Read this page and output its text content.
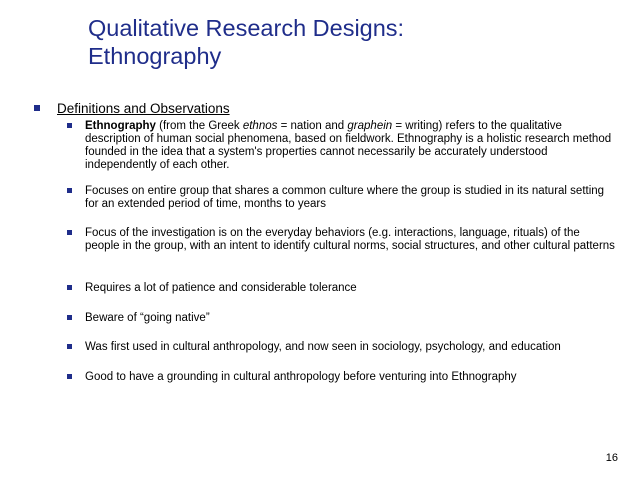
Qualitative Research Designs:
Ethnography
Definitions and Observations
Ethnography (from the Greek ethnos = nation and graphein = writing) refers to the qualitative description of human social phenomena, based on fieldwork. Ethnography is a holistic research method founded in the idea that a system's properties cannot necessarily be accurately understood independently of each other.
Focuses on entire group that shares a common culture where the group is studied in its natural setting for an extended period of time, months to years
Focus of the investigation is on the everyday behaviors (e.g. interactions, language, rituals) of the people in the group, with an intent to identify cultural norms, social structures, and other cultural patterns
Requires a lot of patience and considerable tolerance
Beware of “going native”
Was first used in cultural anthropology, and now seen in sociology, psychology, and education
Good to have a grounding in cultural anthropology before venturing into Ethnography
16
